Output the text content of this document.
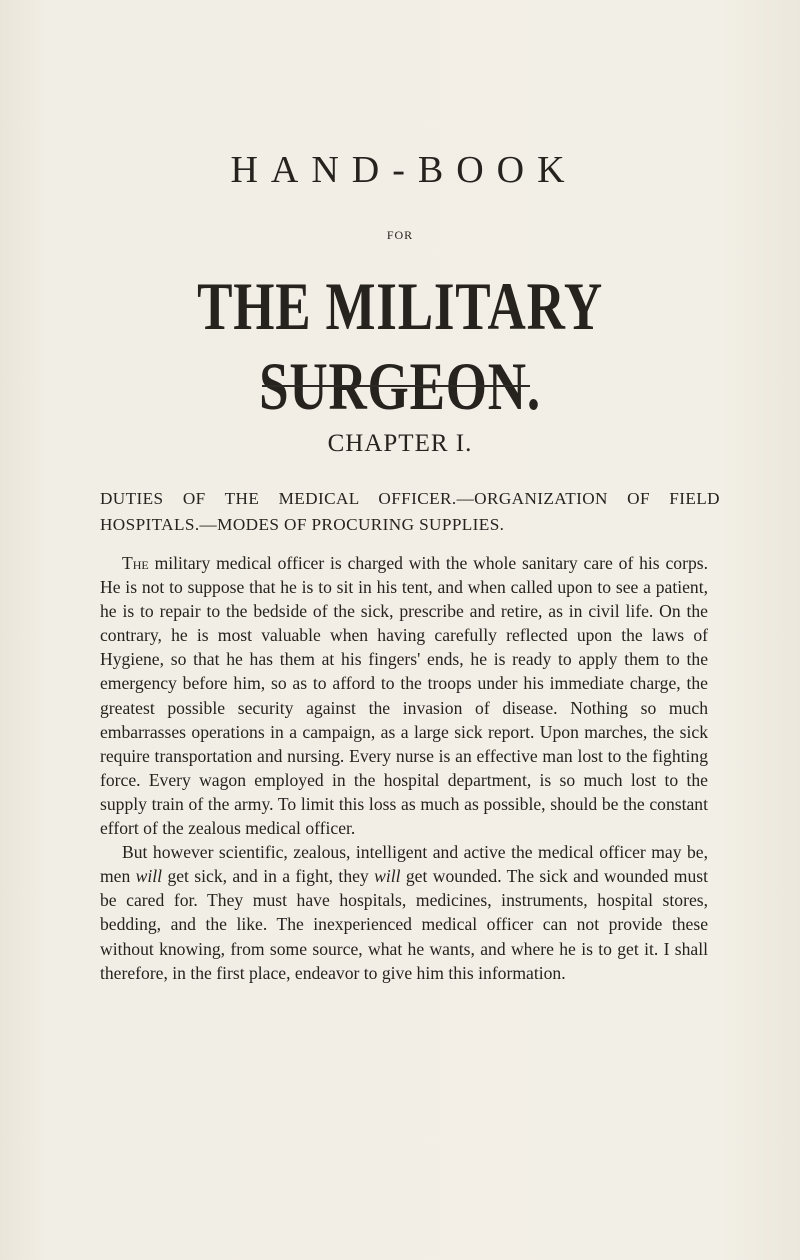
HAND-BOOK
FOR
THE MILITARY SURGEON.
CHAPTER I.
DUTIES OF THE MEDICAL OFFICER.—ORGANIZATION OF FIELD HOSPITALS.—MODES OF PROCURING SUPPLIES.

The military medical officer is charged with the whole sanitary care of his corps. He is not to suppose that he is to sit in his tent, and when called upon to see a patient, he is to repair to the bedside of the sick, prescribe and retire, as in civil life. On the contrary, he is most valuable when having carefully reflected upon the laws of Hygiene, so that he has them at his fingers' ends, he is ready to apply them to the emergency before him, so as to afford to the troops under his immediate charge, the greatest possible security against the invasion of disease. Nothing so much embarrasses operations in a campaign, as a large sick report. Upon marches, the sick require transportation and nursing. Every nurse is an effective man lost to the fighting force. Every wagon employed in the hospital department, is so much lost to the supply train of the army. To limit this loss as much as possible, should be the constant effort of the zealous medical officer.

But however scientific, zealous, intelligent and active the medical officer may be, men will get sick, and in a fight, they will get wounded. The sick and wounded must be cared for. They must have hospitals, medicines, instruments, hospital stores, bedding, and the like. The inexperienced medical officer can not provide these without knowing, from some source, what he wants, and where he is to get it. I shall therefore, in the first place, endeavor to give him this information.
